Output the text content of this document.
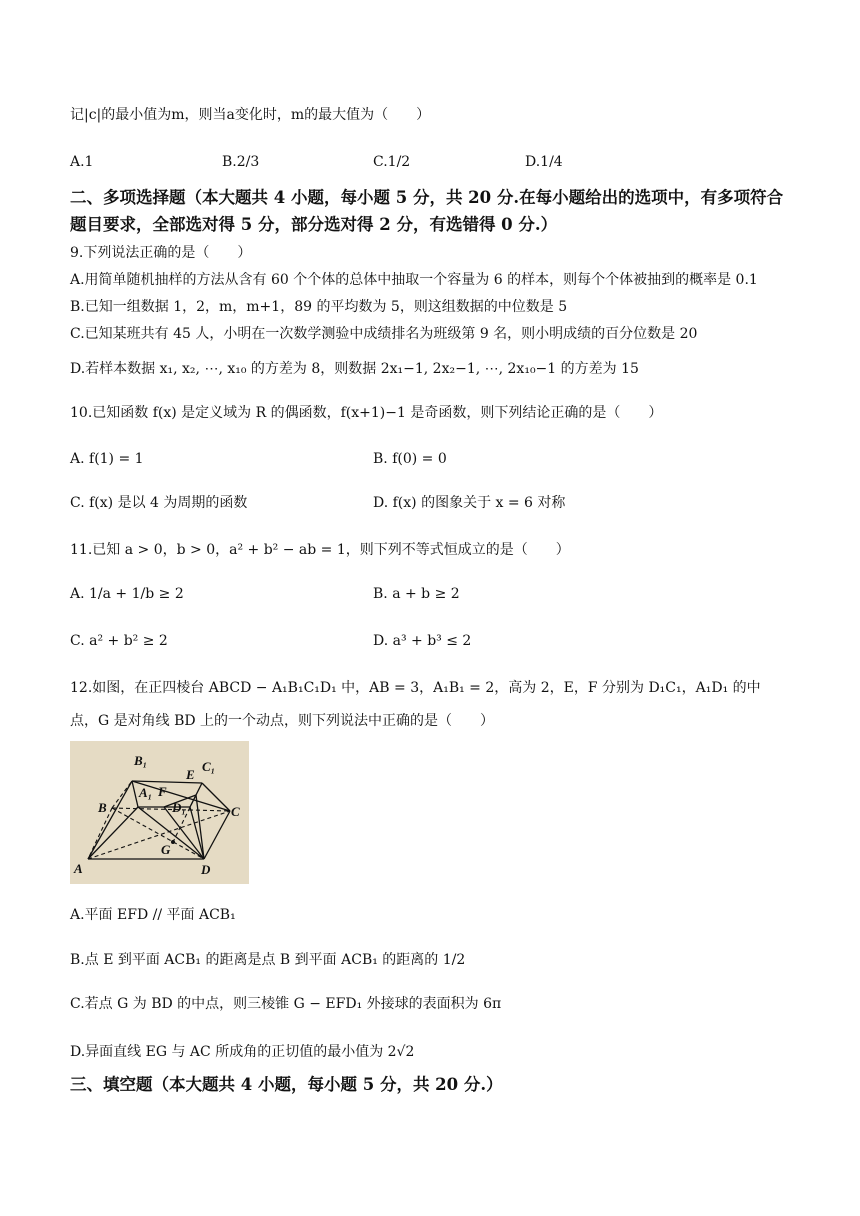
记|c|的最小值为m，则当a变化时，m的最大值为（　　）
A.1	B.2/3	C.1/2	D.1/4
二、多项选择题（本大题共 4 小题，每小题 5 分，共 20 分.在每小题给出的选项中，有多项符合
题目要求，全部选对得 5 分，部分选对得 2 分，有选错得 0 分.）
9.下列说法正确的是（　　）
A.用简单随机抽样的方法从含有 60 个个体的总体中抽取一个容量为 6 的样本，则每个个体被抽到的概率是 0.1
B.已知一组数据 1，2，m，m+1，89 的平均数为 5，则这组数据的中位数是 5
C.已知某班共有 45 人，小明在一次数学测验中成绩排名为班级第 9 名，则小明成绩的百分位数是 20
D.若样本数据 x₁, x₂, ⋯, x₁₀ 的方差为 8，则数据 2x₁−1, 2x₂−1, ⋯, 2x₁₀−1 的方差为 15
10.已知函数 f(x) 是定义域为 R 的偶函数，f(x+1)−1 是奇函数，则下列结论正确的是（　　）
A. f(1) = 1	B. f(0) = 0
C. f(x) 是以 4 为周期的函数	D. f(x) 的图象关于 x = 6 对称
11.已知 a > 0，b > 0，a² + b² − ab = 1，则下列不等式恒成立的是（　　）
A. 1/a + 1/b ≥ 2	B. a + b ≥ 2
C. a² + b² ≥ 2	D. a³ + b³ ≤ 2
12.如图，在正四棱台 ABCD − A₁B₁C₁D₁ 中，AB = 3，A₁B₁ = 2，高为 2，E，F 分别为 D₁C₁，A₁D₁ 的中
点，G 是对角线 BD 上的一个动点，则下列说法中正确的是（　　）
B₁	C₁
E
A₁ F
D₁
B	C
G
A	D
A.平面 EFD // 平面 ACB₁
B.点 E 到平面 ACB₁ 的距离是点 B 到平面 ACB₁ 的距离的 1/2
C.若点 G 为 BD 的中点，则三棱锥 G − EFD₁ 外接球的表面积为 6π
D.异面直线 EG 与 AC 所成角的正切值的最小值为 2√2
三、填空题（本大题共 4 小题，每小题 5 分，共 20 分.）
